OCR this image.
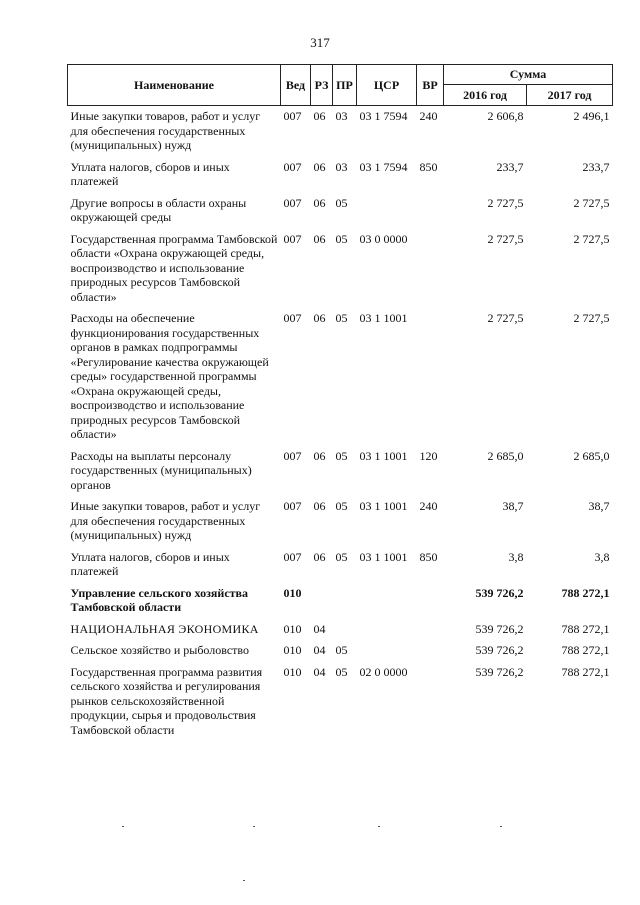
317
Наименование	Вед	РЗ	ПР	ЦСР	ВР	Сумма	
						2016 год	2017 год
Иные закупки товаров, работ и услуг для обеспечения государственных (муниципальных) нужд	007	06	03	03 1 7594	240	2 606,8	2 496,1
Уплата налогов, сборов и иных платежей	007	06	03	03 1 7594	850	233,7	233,7
Другие вопросы в области охраны окружающей среды	007	06	05			2 727,5	2 727,5
Государственная программа Тамбовской области «Охрана окружающей среды, воспроизводство и использование природных ресурсов Тамбовской области»	007	06	05	03 0 0000		2 727,5	2 727,5
Расходы на обеспечение функционирования государственных органов в рамках подпрограммы «Регулирование качества окружающей среды» государственной программы «Охрана окружающей среды, воспроизводство и использование природных ресурсов Тамбовской области»	007	06	05	03 1 1001		2 727,5	2 727,5
Расходы на выплаты персоналу государственных (муниципальных) органов	007	06	05	03 1 1001	120	2 685,0	2 685,0
Иные закупки товаров, работ и услуг для обеспечения государственных (муниципальных) нужд	007	06	05	03 1 1001	240	38,7	38,7
Уплата налогов, сборов и иных платежей	007	06	05	03 1 1001	850	3,8	3,8
Управление сельского хозяйства Тамбовской области	010					539 726,2	788 272,1
НАЦИОНАЛЬНАЯ ЭКОНОМИКА	010	04				539 726,2	788 272,1
Сельское хозяйство и рыболовство	010	04	05			539 726,2	788 272,1
Государственная программа развития сельского хозяйства и регулирования рынков сельскохозяйственной продукции, сырья и продовольствия Тамбовской области	010	04	05	02 0 0000		539 726,2	788 272,1
